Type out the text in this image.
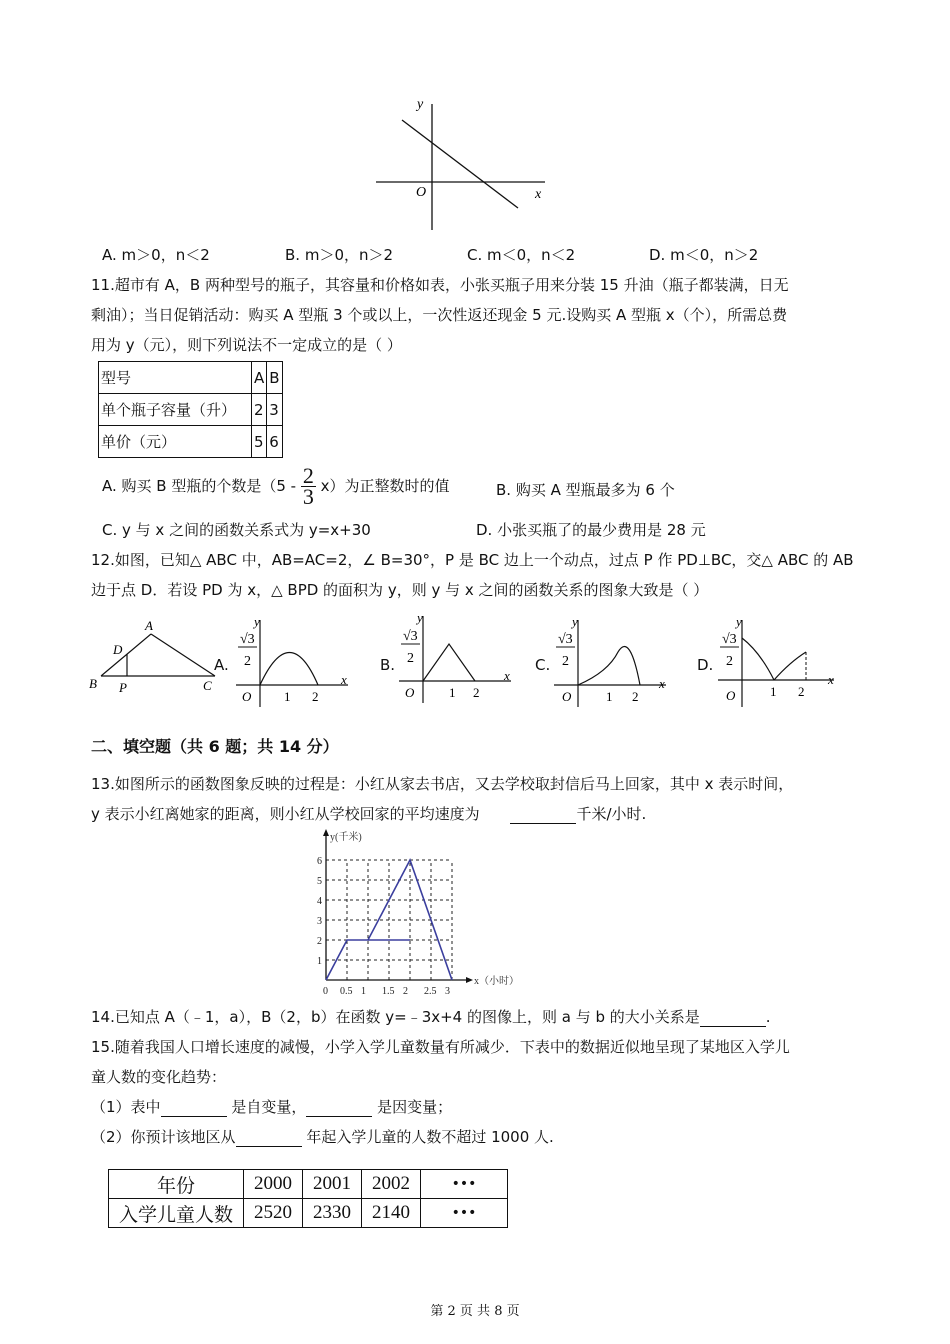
y
x
O
A. m＞0，n＜2	B. m＞0，n＞2	C. m＜0，n＜2	D. m＜0，n＞2
11.超市有 A，B 两种型号的瓶子，其容量和价格如表，小张买瓶子用来分装 15 升油（瓶子都装满，日无
剩油）；当日促销活动：购买 A 型瓶 3 个或以上，一次性返还现金 5 元.设购买 A 型瓶 x（个），所需总费
用为 y（元），则下列说法不一定成立的是（ ）
型号	A	B
单个瓶子容量（升）	2	3
单价（元）	5	6
A. 购买 B 型瓶的个数是$(5 - \frac{2}{3} x)$为正整数时的值	B. 购买 A 型瓶最多为 6 个
C. y 与 x 之间的函数关系式为 y=x+30	D. 小张买瓶了的最少费用是 28 元
12.如图，已知△ ABC 中，AB=AC=2，∠ B=30°，P 是 BC 边上一个动点，过点 P 作 PD⊥BC，交△ ABC 的 AB
边于点 D．若设 PD 为 x，△ BPD 的面积为 y，则 y 与 x 之间的函数关系的图象大致是（ ）
A
D
B P	C
A.
√3
2
y
x
O	1 2
B.
√3
2
y
x
O	1 2
C.
√3
2
y
x
O	1 2
D.
√3
2
y
x
O	1 2
二、填空题（共 6 题；共 14 分）
13.如图所示的函数图象反映的过程是：小红从家去书店，又去学校取封信后马上回家，其中 x 表示时间，
y 表示小红离她家的距离，则小红从学校回家的平均速度为	千米/小时.
0 0.5 1 1.5 2 2.5 3
1
2
3
4
5
6
y(千米)
x（小时）
14.已知点 A（﹣1，a），B（2，b）在函数 y=﹣3x+4 的图像上，则 a 与 b 的大小关系是	.
15.随着我国人口增长速度的减慢，小学入学儿童数量有所减少．下表中的数据近似地呈现了某地区入学儿
童人数的变化趋势：
（1）表中	是自变量，	是因变量；
（2）你预计该地区从	年起入学儿童的人数不超过 1000 人.
年份	2000	2001	2002	•••
入学儿童人数	2520	2330	2140	•••
第 2 页 共 8 页
